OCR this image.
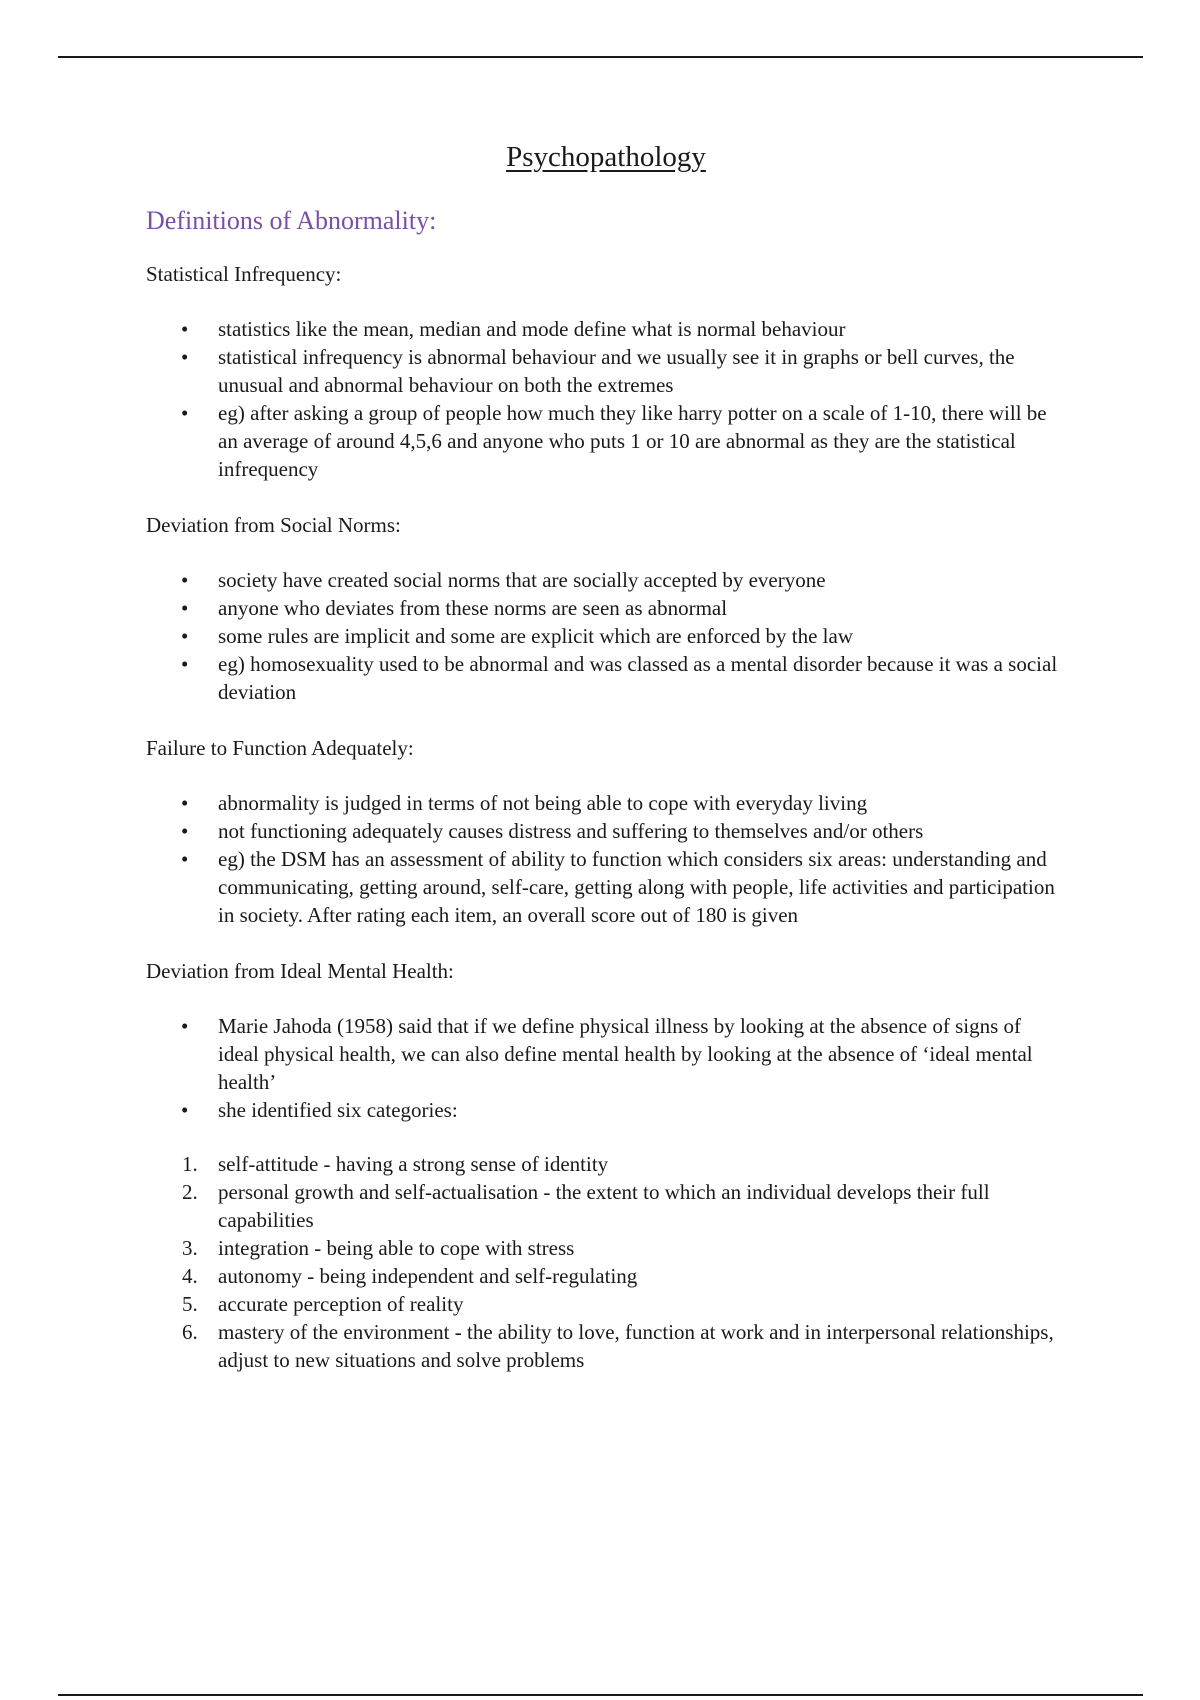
Psychopathology
Definitions of Abnormality:

Statistical Infrequency:

• statistics like the mean, median and mode define what is normal behaviour
• statistical infrequency is abnormal behaviour and we usually see it in graphs or bell curves, the unusual and abnormal behaviour on both the extremes
• eg) after asking a group of people how much they like harry potter on a scale of 1-10, there will be an average of around 4,5,6 and anyone who puts 1 or 10 are abnormal as they are the statistical infrequency

Deviation from Social Norms:

• society have created social norms that are socially accepted by everyone
• anyone who deviates from these norms are seen as abnormal
• some rules are implicit and some are explicit which are enforced by the law
• eg) homosexuality used to be abnormal and was classed as a mental disorder because it was a social deviation

Failure to Function Adequately:

• abnormality is judged in terms of not being able to cope with everyday living
• not functioning adequately causes distress and suffering to themselves and/or others
• eg) the DSM has an assessment of ability to function which considers six areas: understanding and communicating, getting around, self-care, getting along with people, life activities and participation in society. After rating each item, an overall score out of 180 is given

Deviation from Ideal Mental Health:

• Marie Jahoda (1958) said that if we define physical illness by looking at the absence of signs of ideal physical health, we can also define mental health by looking at the absence of ‘ideal mental health’
• she identified six categories:
1. self-attitude - having a strong sense of identity
2. personal growth and self-actualisation - the extent to which an individual develops their full capabilities
3. integration - being able to cope with stress
4. autonomy - being independent and self-regulating
5. accurate perception of reality
6. mastery of the environment - the ability to love, function at work and in interpersonal relationships, adjust to new situations and solve problems
